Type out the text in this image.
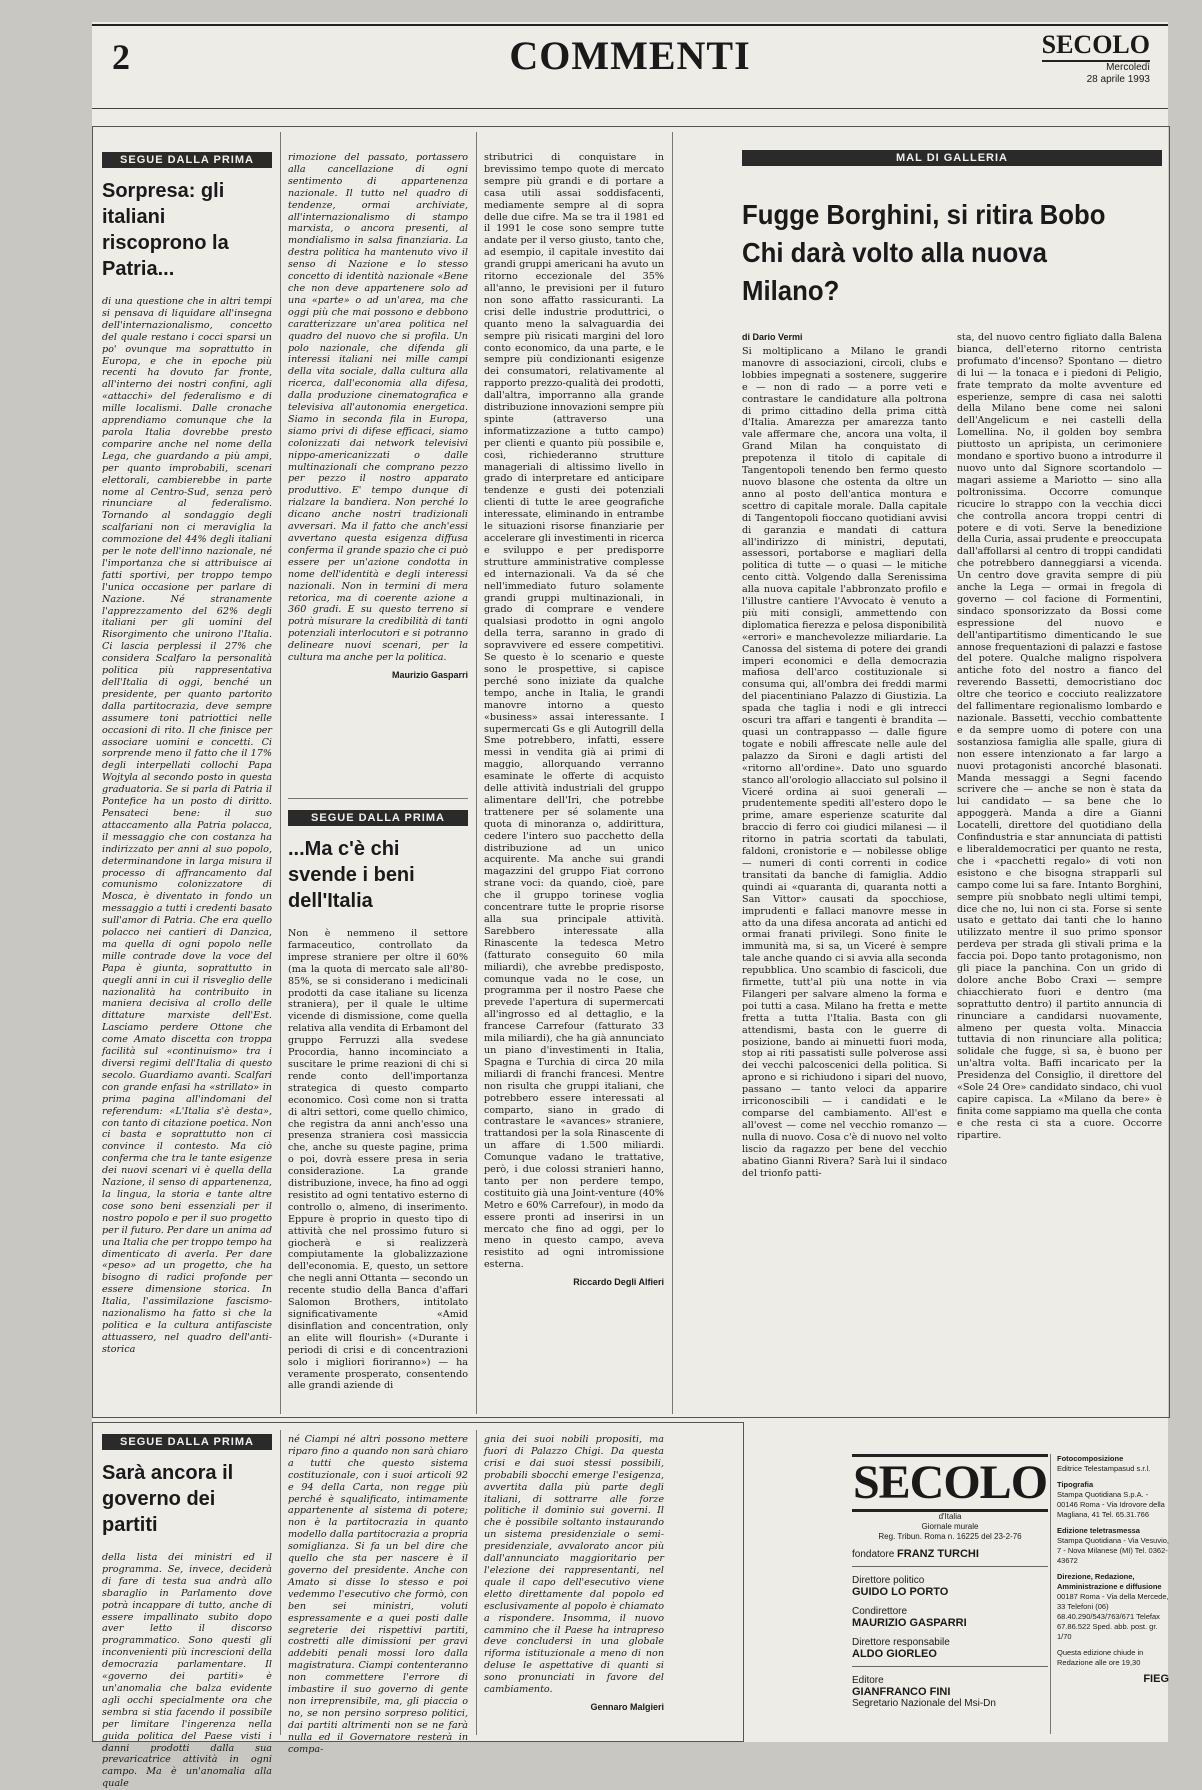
2	COMMENTI	SECOLO
Mercoledì
28 aprile 1993
SEGUE DALLA PRIMA
Sorpresa: gli italiani riscoprono la Patria...

di una questione che in altri tempi si pensava di liquidare all'insegna dell'internazionalismo, concetto del quale restano i cocci sparsi un po' ovunque ma soprattutto in Europa, e che in epoche più recenti ha dovuto far fronte, all'interno dei nostri confini, agli «attacchi» del federalismo e di mille localismi. Dalle cronache apprendiamo comunque che la parola Italia dovrebbe presto comparire anche nel nome della Lega, che guardando a più ampi, per quanto improbabili, scenari elettorali, cambierebbe in parte nome al Centro-Sud, senza però rinunciare al federalismo. Tornando al sondaggio degli scalfariani non ci meraviglia la commozione del 44% degli italiani per le note dell'inno nazionale, né l'importanza che si attribuisce ai fatti sportivi, per troppo tempo l'unica occasione per parlare di Nazione. Né stranamente l'apprezzamento del 62% degli italiani per gli uomini del Risorgimento che unirono l'Italia. Ci lascia perplessi il 27% che considera Scalfaro la personalità politica più rappresentativa dell'Italia di oggi, benché un presidente, per quanto partorito dalla partitocrazia, deve sempre assumere toni patriottici nelle occasioni di rito. Il che finisce per associare uomini e concetti. Ci sorprende meno il fatto che il 17% degli interpellati collochi Papa Wojtyla al secondo posto in questa graduatoria. Se si parla di Patria il Pontefice ha un posto di diritto. Pensateci bene: il suo attaccamento alla Patria polacca, il messaggio che con costanza ha indirizzato per anni al suo popolo, determinandone in larga misura il processo di affrancamento dal comunismo colonizzatore di Mosca, è diventato in fondo un messaggio a tutti i credenti basato sull'amor di Patria. Che era quello polacco nei cantieri di Danzica, ma quella di ogni popolo nelle mille contrade dove la voce del Papa è giunta, soprattutto in quegli anni in cui il risveglio delle nazionalità ha contribuito in maniera decisiva al crollo delle dittature marxiste dell'Est. Lasciamo perdere Ottone che come Amato discetta con troppa facilità sul «continuismo» tra i diversi regimi dell'Italia di questo secolo. Guardiamo avanti. Scalfari con grande enfasi ha «strillato» in prima pagina all'indomani del referendum: «L'Italia s'è desta», con tanto di citazione poetica. Non ci basta e soprattutto non ci convince il contesto. Ma ciò conferma che tra le tante esigenze dei nuovi scenari vi è quella della Nazione, il senso di appartenenza, la lingua, la storia e tante altre cose sono beni essenziali per il nostro popolo e per il suo progetto per il futuro. Per dare un anima ad una Italia che per troppo tempo ha dimenticato di averla. Per dare «peso» ad un progetto, che ha bisogno di radici profonde per essere dimensione storica. In Italia, l'assimilazione fascismo-nazionalismo ha fatto sì che la politica e la cultura antifasciste attuassero, nel quadro dell'anti-storica

rimozione del passato, portassero alla cancellazione di ogni sentimento di appartenenza nazionale. Il tutto nel quadro di tendenze, ormai archiviate, all'internazionalismo di stampo marxista, o ancora presenti, al mondialismo in salsa finanziaria. La destra politica ha mantenuto vivo il senso di Nazione e lo stesso concetto di identità nazionale «Bene che non deve appartenere solo ad una «parte» o ad un'area, ma che oggi più che mai possono e debbono caratterizzare un'area politica nel quadro del nuovo che si profila. Un polo nazionale, che difenda gli interessi italiani nei mille campi della vita sociale, dalla cultura alla ricerca, dall'economia alla difesa, dalla produzione cinematografica e televisiva all'autonomia energetica. Siamo in seconda fila in Europa, siamo privi di difese efficaci, siamo colonizzati dai network televisivi nippo-americanizzati o dalle multinazionali che comprano pezzo per pezzo il nostro apparato produttivo. E' tempo dunque di rialzare la bandiera. Non perché lo dicano anche nostri tradizionali avversari. Ma il fatto che anch'essi avvertano questa esigenza diffusa conferma il grande spazio che ci può essere per un'azione condotta in nome dell'identità e degli interessi nazionali. Non in termini di mera retorica, ma di coerente azione a 360 gradi. E su questo terreno si potrà misurare la credibilità di tanti potenziali interlocutori e si potranno delineare nuovi scenari, per la cultura ma anche per la politica.

Maurizio Gasparri
SEGUE DALLA PRIMA
...Ma c'è chi svende i beni dell'Italia

Non è nemmeno il settore farmaceutico, controllato da imprese straniere per oltre il 60% (ma la quota di mercato sale all'80-85%, se si considerano i medicinali prodotti da case italiane su licenza straniera), per il quale le ultime vicende di dismissione, come quella relativa alla vendita di Erbamont del gruppo Ferruzzi alla svedese Procordia, hanno incominciato a suscitare le prime reazioni di chi si rende conto dell'importanza strategica di questo comparto economico. Così come non si tratta di altri settori, come quello chimico, che registra da anni anch'esso una presenza straniera così massiccia che, anche su queste pagine, prima o poi, dovrà essere presa in seria considerazione. La grande distribuzione, invece, ha fino ad oggi resistito ad ogni tentativo esterno di controllo o, almeno, di inserimento. Eppure è proprio in questo tipo di attività che nel prossimo futuro si giocherà e si realizzerà compiutamente la globalizzazione dell'economia. E, questo, un settore che negli anni Ottanta — secondo un recente studio della Banca d'affari Salomon Brothers, intitolato significativamente «Amid disinflation and concentration, only an elite will flourish» («Durante i periodi di crisi e di concentrazioni solo i migliori fioriranno») — ha veramente prosperato, consentendo alle grandi aziende di

stributrici di conquistare in brevissimo tempo quote di mercato sempre più grandi e di portare a casa utili assai soddisfacenti, mediamente sempre al di sopra delle due cifre. Ma se tra il 1981 ed il 1991 le cose sono sempre tutte andate per il verso giusto, tanto che, ad esempio, il capitale investito dai grandi gruppi americani ha avuto un ritorno eccezionale del 35% all'anno, le previsioni per il futuro non sono affatto rassicuranti. La crisi delle industrie produttrici, o quanto meno la salvaguardia dei sempre più risicati margini del loro conto economico, da una parte, e le sempre più condizionanti esigenze dei consumatori, relativamente al rapporto prezzo-qualità dei prodotti, dall'altra, imporranno alla grande distribuzione innovazioni sempre più spinte (attraverso una informatizzazione a tutto campo) per clienti e quanto più possibile e, così, richiederanno strutture manageriali di altissimo livello in grado di interpretare ed anticipare tendenze e gusti dei potenziali clienti di tutte le aree geografiche interessate, eliminando in entrambe le situazioni risorse finanziarie per accelerare gli investimenti in ricerca e sviluppo e per predisporre strutture amministrative complesse ed internazionali. Va da sé che nell'immediato futuro solamente grandi gruppi multinazionali, in grado di comprare e vendere qualsiasi prodotto in ogni angolo della terra, saranno in grado di sopravvivere ed essere competitivi. Se questo è lo scenario e queste sono le prospettive, si capisce perché sono iniziate da qualche tempo, anche in Italia, le grandi manovre intorno a questo «business» assai interessante. I supermercati Gs e gli Autogrill della Sme potrebbero, infatti, essere messi in vendita già ai primi di maggio, allorquando verranno esaminate le offerte di acquisto delle attività industriali del gruppo alimentare dell'Iri, che potrebbe trattenere per sé solamente una quota di minoranza o, addirittura, cedere l'intero suo pacchetto della distribuzione ad un unico acquirente. Ma anche sui grandi magazzini del gruppo Fiat corrono strane voci: da quando, cioè, pare che il gruppo torinese voglia concentrare tutte le proprie risorse alla sua principale attività. Sarebbero interessate alla Rinascente la tedesca Metro (fatturato conseguito 60 mila miliardi), che avrebbe predisposto, comunque vada no le cose, un programma per il nostro Paese che prevede l'apertura di supermercati all'ingrosso ed al dettaglio, e la francese Carrefour (fatturato 33 mila miliardi), che ha già annunciato un piano d'investimenti in Italia, Spagna e Turchia di circa 20 mila miliardi di franchi francesi. Mentre non risulta che gruppi italiani, che potrebbero essere interessati al comparto, siano in grado di contrastare le «avances» straniere, trattandosi per la sola Rinascente di un affare di 1.500 miliardi. Comunque vadano le trattative, però, i due colossi stranieri hanno, tanto per non perdere tempo, costituito già una Joint-venture (40% Metro e 60% Carrefour), in modo da essere pronti ad inserirsi in un mercato che fino ad oggi, per lo meno in questo campo, aveva resistito ad ogni intromissione esterna.

Riccardo Degli Alfieri
MAL DI GALLERIA
Fugge Borghini, si ritira Bobo Chi darà volto alla nuova Milano?
di Dario Vermi

Si moltiplicano a Milano le grandi manovre di associazioni, circoli, clubs e lobbies impegnati a sostenere, suggerire e — non di rado — a porre veti e contrastare le candidature alla poltrona di primo cittadino della prima città d'Italia. Amarezza per amarezza tanto vale affermare che, ancora una volta, il Grand Milan ha conquistato di prepotenza il titolo di capitale di Tangentopoli tenendo ben fermo questo nuovo blasone che ostenta da oltre un anno al posto dell'antica montura e scettro di capitale morale. Dalla capitale di Tangentopoli fioccano quotidiani avvisi di garanzia e mandati di cattura all'indirizzo di ministri, deputati, assessori, portaborse e magliari della politica di tutte — o quasi — le mitiche cento città. Volgendo dalla Serenissima alla nuova capitale l'abbronzato profilo e l'illustre cantiere l'Avvocato è venuto a più miti consigli, ammettendo con diplomatica fierezza e pelosa disponibilità «errori» e manchevolezze miliardarie. La Canossa del sistema di potere dei grandi imperi economici e della democrazia mafiosa dell'arco costituzionale si consuma qui, all'ombra dei freddi marmi del piacentiniano Palazzo di Giustizia. La spada che taglia i nodi e gli intrecci oscuri tra affari e tangenti è brandita — quasi un contrappasso — dalle figure togate e nobili affrescate nelle aule del palazzo da Sironi e dagli artisti del «ritorno all'ordine». Dato uno sguardo stanco all'orologio allacciato sul polsino il Viceré ordina ai suoi generali — prudentemente spediti all'estero dopo le prime, amare esperienze scaturite dal braccio di ferro coi giudici milanesi — il ritorno in patria scortati da tabulati, faldoni, cronistorie e — nobilesse oblige — numeri di conti correnti in codice transitati da banche di famiglia. Addio quindi ai «quaranta di, quaranta notti a San Vittor» causati da spocchiose, imprudenti e fallaci manovre messe in atto da una difesa ancorata ad antichi ed ormai franati privilegi. Sono finite le immunità ma, si sa, un Viceré è sempre tale anche quando ci si avvia alla seconda repubblica. Uno scambio di fascicoli, due firmette, tutt'al più una notte in via Filangeri per salvare almeno la forma e poi tutti a casa. Milano ha fretta e mette fretta a tutta l'Italia. Basta con gli attendismi, basta con le guerre di posizione, bando ai minuetti fuori moda, stop ai riti passatisti sulle polverose assi dei vecchi palcoscenici della politica. Si aprono e si richiudono i sipari del nuovo, passano — tanto veloci da apparire irriconoscibili — i candidati e le comparse del cambiamento. All'est e all'ovest — come nel vecchio romanzo — nulla di nuovo. Cosa c'è di nuovo nel volto liscio da ragazzo per bene del vecchio abatino Gianni Rivera? Sarà lui il sindaco del trionfo patti-

sta, del nuovo centro figliato dalla Balena bianca, dell'eterno ritorno centrista profumato d'incenso? Spontano — dietro di lui — la tonaca e i piedoni di Peligio, frate tempratо da molte avventure ed esperienze, sempre di casa nei salotti della Milano bene come nei saloni dell'Angelicum e nei castelli della Lomellina. No, il golden boy sembra piuttosto un apripista, un cerimoniere mondano e sportivo buono a introdurre il nuovo unto dal Signore scortandolo — magari assieme a Mariotto — sino alla poltronissima. Occorre comunque ricucire lo strappo con la vecchia dicci che controlla ancora troppi centri di potere e di voti. Serve la benedizione della Curia, assai prudente e preoccupata dall'affollarsi al centro di troppi candidati che potrebbero danneggiarsi a vicenda. Un centro dove gravita sempre di più anche la Lega — ormai in fregola di governo — col facione di Formentini, sindaco sponsorizzato da Bossi come espressione del nuovo e dell'antipartitismo dimenticando le sue annose frequentazioni di palazzi e fastose del potere. Qualche maligno rispolvera antiche foto del nostro a fianco del reverendo Bassetti, democristiano doc oltre che teorico e cocciuto realizzatore del fallimentare regionalismo lombardo e nazionale. Bassetti, vecchio combattente e da sempre uomo di potere con una sostanziosa famiglia alle spalle, giura di non essere intenzionato a far largo a nuovi protagonisti ancorché blasonati. Manda messaggi a Segni facendo scrivere che — anche se non è stata da lui candidato — sa bene che lo appoggerà. Manda a dire a Gianni Locatelli, direttore del quotidiano della Confindustria e star annunciata di pattisti e liberaldemocratici per quanto ne resta, che i «pacchetti regalo» di voti non esistono e che bisogna strapparli sul campo come lui sa fare. Intanto Borghini, sempre più snobbato negli ultimi tempi, dice che no, lui non ci sta. Forse si sente usato e gettato dai tanti che lo hanno utilizzato mentre il suo primo sponsor perdeva per strada gli stivali prima e la faccia poi. Dopo tanto protagonismo, non gli piace la panchina. Con un grido di dolore anche Bobo Craxi — sempre chiacchierato fuori e dentro (ma soprattutto dentro) il partito annuncia di rinunciare a candidarsi nuovamente, almeno per questa volta. Minaccia tuttavia di non rinunciare alla politica; solidale che fugge, sì sa, è buono per un'altra volta. Baffi incaricato per la Presidenza del Consiglio, il direttore del «Sole 24 Ore» candidato sindaco, chi vuol capire capisca. La «Milano da bere» è finita come sappiamo ma quella che conta e che resta ci sta a cuore. Occorre ripartire.

SEGUE DALLA PRIMA
Sarà ancora il governo dei partiti

della lista dei ministri ed il programma. Se, invece, deciderà di fare di testa sua andrà allo sbaraglio in Parlamento dove potrà incappare di tutto, anche di essere impallinato subito dopo aver letto il discorso programmatico. Sono questi gli inconvenienti più increscioni della democrazia parlamentare. Il «governo dei partiti» è un'anomalia che balza evidente agli occhi specialmente ora che sembra si stia facendo il possibile per limitare l'ingerenza nella guida politica del Paese visti i danni prodotti dalla sua prevaricatrice attività in ogni campo. Ma è un'anomalia alla quale

né Ciampi né altri possono mettere riparo fino a quando non sarà chiaro a tutti che questo sistema costituzionale, con i suoi articoli 92 e 94 della Carta, non regge più perché è squalificato, intimamente appartenente al sistema di potere; non è la partitocrazia in quanto modello dalla partitocrazia a propria somiglianza. Si fa un bel dire che quello che sta per nascere è il governo del presidente. Anche con Amato si disse lo stesso e poi vedemmo l'esecutivo che formò, con ben sei ministri, voluti espressamente e a quei posti dalle segreterie dei rispettivi partiti, costretti alle dimissioni per gravi addebiti penali mossi loro dalla magistratura. Ciampi contenteranno non commettere l'errore di imbastire il suo governo di gente non irreprensibile, ma, gli piaccia o no, se non persino sorpreso politici, dai partiti altrimenti non se ne farà nulla ed il Governatore resterà in compa-

gnia dei suoi nobili propositi, ma fuori di Palazzo Chigi. Da questa crisi e dai suoi stessi possibili, probabili sbocchi emerge l'esigenza, avvertita dalla più parte degli italiani, di sottrarre alle forze politiche il dominio sui governi. Il che è possibile soltanto instaurando un sistema presidenziale o semi-presidenziale, avvalorato ancor più dall'annunciato maggioritario per l'elezione dei rappresentanti, nel quale il capo dell'esecutivo viene eletto direttamente dal popolo ed esclusivamente al popolo è chiamato a rispondere. Insomma, il nuovo cammino che il Paese ha intrapreso deve concludersi in una globale riforma istituzionale a meno di non deluse le aspettative di quanti si sono pronunciati in favore del cambiamento.

Gennaro Malgieri
SECOLO
d'Italia
Giornale murale
Reg. Tribun. Roma n. 16225 del 23-2-76
fondatore FRANZ TURCHI
Direttore politico
GUIDO LO PORTO
Condirettore
MAURIZIO GASPARRI
Direttore responsabile
ALDO GIORLEO
Editore
GIANFRANCO FINI
Segretario Nazionale del Msi-Dn
Fotocomposizione
Editrice Telestampasud s.r.l.
Tipografia
Stampa Quotidiana S.p.A. - 00146 Roma - Via Idrovore della Magliana, 41 Tel. 65.31.766
Edizione teletrasmessa
Stampa Quotidiana - Via Vesuvio, 7 - Nova Milanese (MI) Tel. 0362-43672
Direzione, Redazione, Amministrazione e diffusione
00187 Roma - Via della Mercede, 33 Telefoni (06) 68.40.290/543/763/671 Telefax 67.86.522 Sped. abb. post. gr. 1/70
Questa edizione chiude in Redazione alle ore 19,30
FIEG
